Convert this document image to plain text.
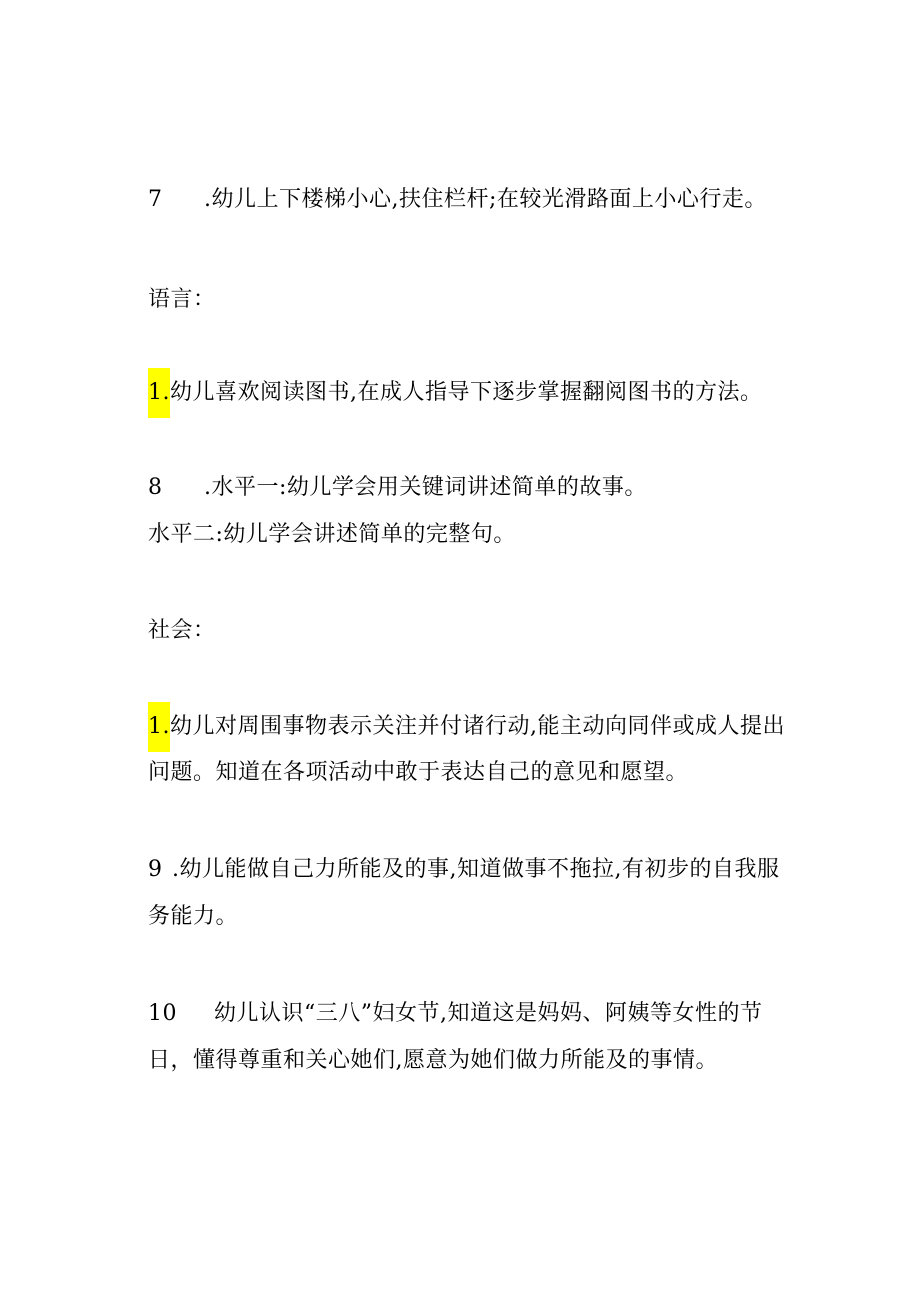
7 .幼儿上下楼梯小心,扶住栏杆;在较光滑路面上小心行走。
语言：
1.幼儿喜欢阅读图书,在成人指导下逐步掌握翻阅图书的方法。
8 .水平一:幼儿学会用关键词讲述简单的故事。
水平二:幼儿学会讲述简单的完整句。
社会：
1.幼儿对周围事物表示关注并付诸行动,能主动向同伴或成人提出
问题。知道在各项活动中敢于表达自己的意见和愿望。
9 .幼儿能做自己力所能及的事,知道做事不拖拉,有初步的自我服
务能力。
10 幼儿认识“三八”妇女节,知道这是妈妈、阿姨等女性的节
日，懂得尊重和关心她们,愿意为她们做力所能及的事情。
